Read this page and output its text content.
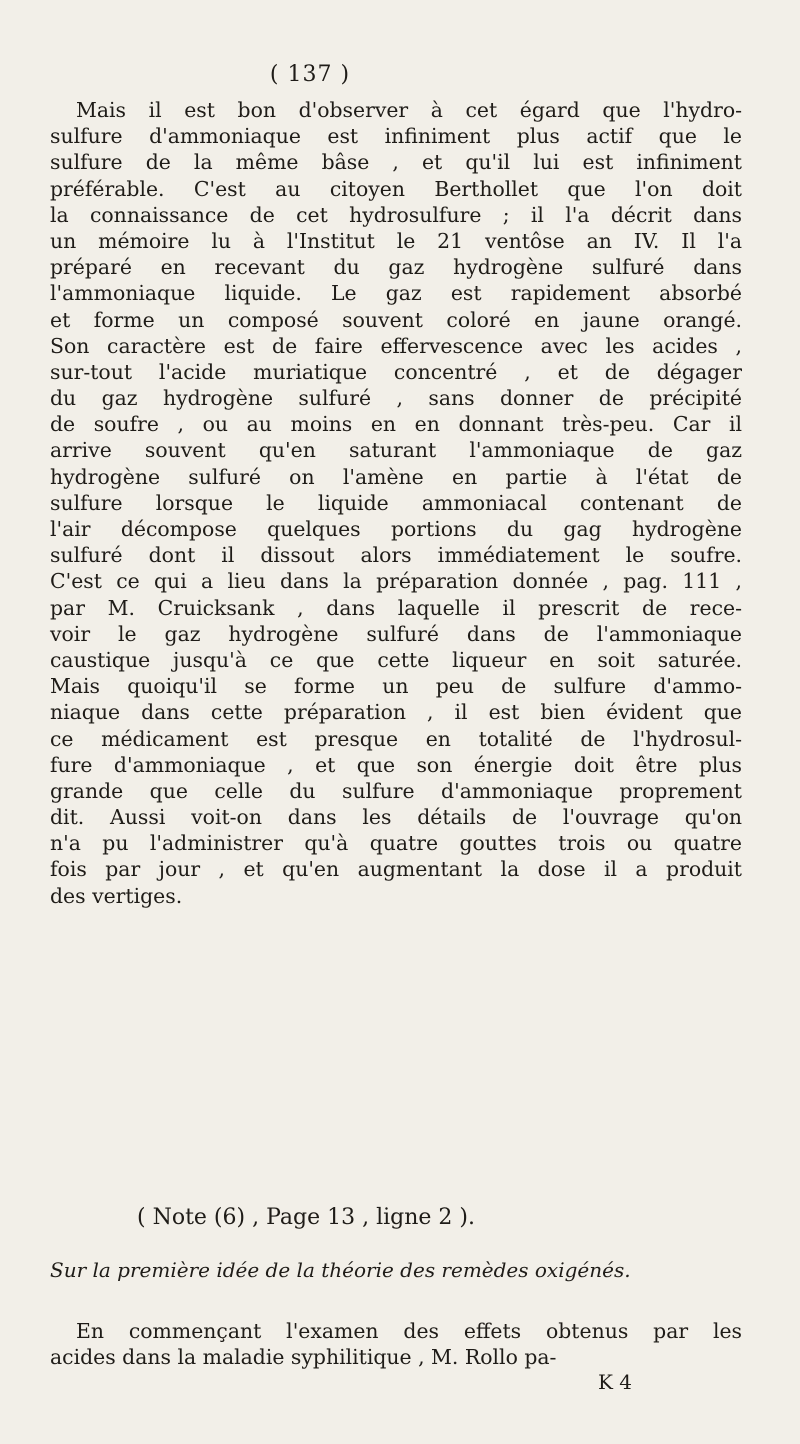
( 137 )
Mais il est bon d'observer à cet égard que l'hydro-
sulfure d'ammoniaque est infiniment plus actif que le
sulfure de la même bâse , et qu'il lui est infiniment
préférable. C'est au citoyen Berthollet que l'on doit
la connaissance de cet hydrosulfure ; il l'a décrit dans
un mémoire lu à l'Institut le 21 ventôse an IV. Il l'a
préparé en recevant du gaz hydrogène sulfuré dans
l'ammoniaque liquide. Le gaz est rapidement absorbé
et forme un composé souvent coloré en jaune orangé.
Son caractère est de faire effervescence avec les acides ,
sur-tout l'acide muriatique concentré , et de dégager
du gaz hydrogène sulfuré , sans donner de précipité
de soufre , ou au moins en en donnant très-peu. Car il
arrive souvent qu'en saturant l'ammoniaque de gaz
hydrogène sulfuré on l'amène en partie à l'état de
sulfure lorsque le liquide ammoniacal contenant de
l'air décompose quelques portions du gag hydrogène
sulfuré dont il dissout alors immédiatement le soufre.
C'est ce qui a lieu dans la préparation donnée , pag. 111 ,
par M. Cruicksank , dans laquelle il prescrit de rece-
voir le gaz hydrogène sulfuré dans de l'ammoniaque
caustique jusqu'à ce que cette liqueur en soit saturée.
Mais quoiqu'il se forme un peu de sulfure d'ammo-
niaque dans cette préparation , il est bien évident que
ce médicament est presque en totalité de l'hydrosul-
fure d'ammoniaque , et que son énergie doit être plus
grande que celle du sulfure d'ammoniaque proprement
dit. Aussi voit-on dans les détails de l'ouvrage qu'on
n'a pu l'administrer qu'à quatre gouttes trois ou quatre
fois par jour , et qu'en augmentant la dose il a produit
des vertiges.
( Note (6) , Page 13 , ligne 2 ).
Sur la première idée de la théorie des remèdes oxigénés.
En commençant l'examen des effets obtenus par les
acides dans la maladie syphilitique , M. Rollo pa-
K 4
